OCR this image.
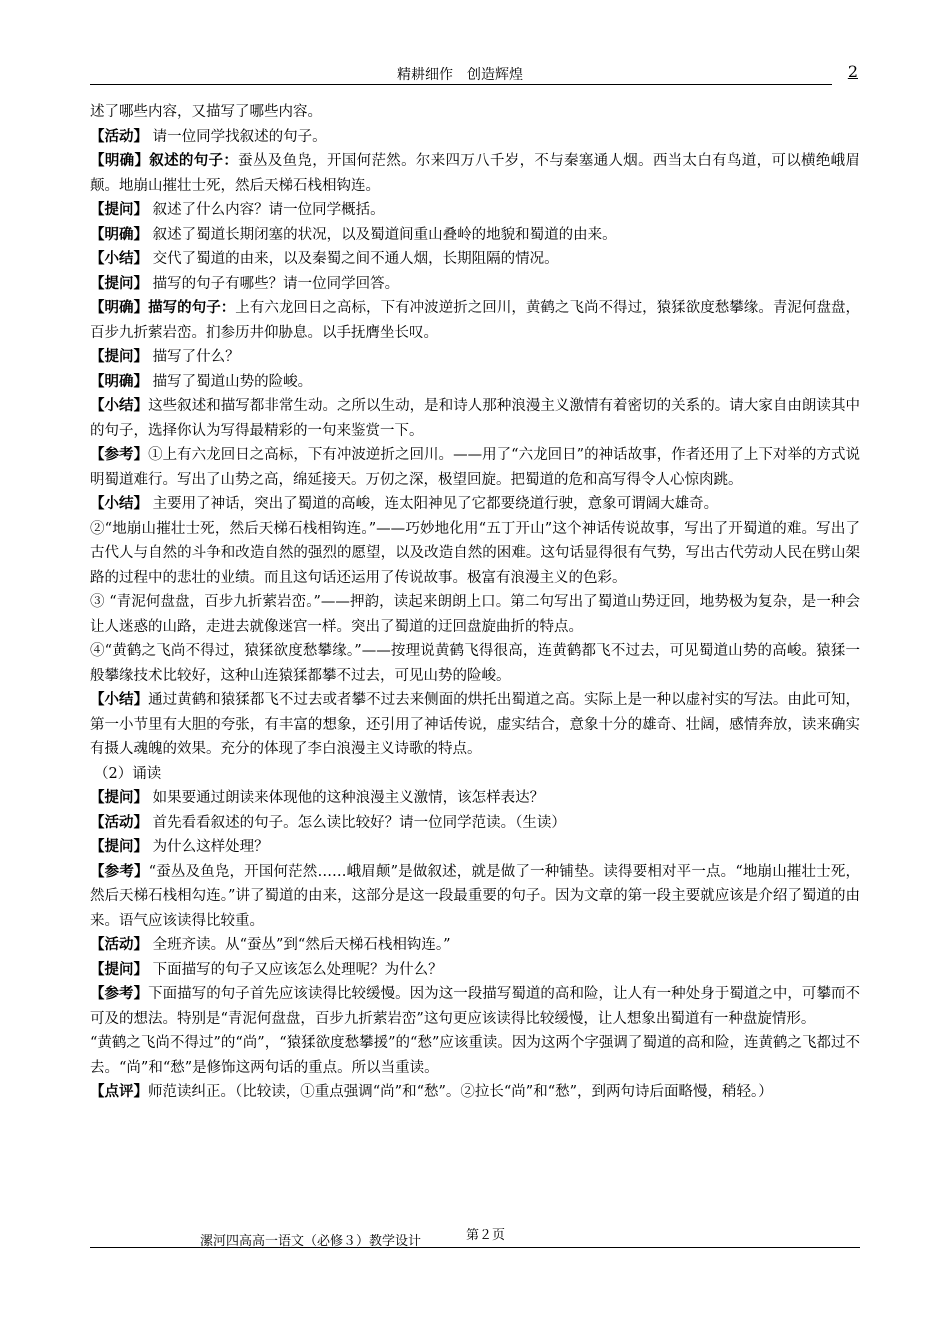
精耕细作　创造辉煌	2

述了哪些内容，又描写了哪些内容。

【活动】 请一位同学找叙述的句子。

【明确】叙述的句子：蚕丛及鱼凫，开国何茫然。尔来四万八千岁，不与秦塞通人烟。西当太白有鸟道，可以横绝峨眉颠。地崩山摧壮士死，然后天梯石栈相钩连。

【提问】 叙述了什么内容？请一位同学概括。

【明确】 叙述了蜀道长期闭塞的状况，以及蜀道间重山叠岭的地貌和蜀道的由来。

【小结】 交代了蜀道的由来，以及秦蜀之间不通人烟，长期阻隔的情况。

【提问】 描写的句子有哪些？请一位同学回答。

【明确】描写的句子：上有六龙回日之高标，下有冲波逆折之回川，黄鹤之飞尚不得过，猿猱欲度愁攀缘。青泥何盘盘，百步九折萦岩峦。扪参历井仰胁息。以手抚膺坐长叹。

【提问】 描写了什么？

【明确】 描写了蜀道山势的险峻。

【小结】这些叙述和描写都非常生动。之所以生动，是和诗人那种浪漫主义激情有着密切的关系的。请大家自由朗读其中的句子，选择你认为写得最精彩的一句来鉴赏一下。

【参考】①上有六龙回日之高标，下有冲波逆折之回川。——用了“六龙回日”的神话故事，作者还用了上下对举的方式说明蜀道难行。写出了山势之高，绵延接天。万仞之深，极望回旋。把蜀道的危和高写得令人心惊肉跳。

【小结】 主要用了神话，突出了蜀道的高峻，连太阳神见了它都要绕道行驶，意象可谓阔大雄奇。

②“地崩山摧壮士死，然后天梯石栈相钩连。”——巧妙地化用“五丁开山”这个神话传说故事，写出了开蜀道的难。写出了古代人与自然的斗争和改造自然的强烈的愿望，以及改造自然的困难。这句话显得很有气势，写出古代劳动人民在劈山架路的过程中的悲壮的业绩。而且这句话还运用了传说故事。极富有浪漫主义的色彩。

③ “青泥何盘盘，百步九折萦岩峦。”——押韵，读起来朗朗上口。第二句写出了蜀道山势迂回，地势极为复杂，是一种会让人迷惑的山路，走进去就像迷宫一样。突出了蜀道的迂回盘旋曲折的特点。

④“黄鹤之飞尚不得过，猿猱欲度愁攀缘。”——按理说黄鹤飞得很高，连黄鹤都飞不过去，可见蜀道山势的高峻。猿猱一般攀缘技术比较好，这种山连猿猱都攀不过去，可见山势的险峻。

【小结】通过黄鹤和猿猱都飞不过去或者攀不过去来侧面的烘托出蜀道之高。实际上是一种以虚衬实的写法。由此可知，第一小节里有大胆的夸张，有丰富的想象，还引用了神话传说，虚实结合，意象十分的雄奇、壮阔，感情奔放，读来确实有摄人魂魄的效果。充分的体现了李白浪漫主义诗歌的特点。

（2）诵读

【提问】 如果要通过朗读来体现他的这种浪漫主义激情，该怎样表达？

【活动】 首先看看叙述的句子。怎么读比较好？请一位同学范读。（生读）

【提问】 为什么这样处理？

【参考】“蚕丛及鱼凫，开国何茫然……峨眉颠”是做叙述，就是做了一种铺垫。读得要相对平一点。“地崩山摧壮士死，然后天梯石栈相勾连。”讲了蜀道的由来，这部分是这一段最重要的句子。因为文章的第一段主要就应该是介绍了蜀道的由来。语气应该读得比较重。

【活动】 全班齐读。从“蚕丛”到“然后天梯石栈相钩连。”

【提问】 下面描写的句子又应该怎么处理呢？为什么？

【参考】下面描写的句子首先应该读得比较缓慢。因为这一段描写蜀道的高和险，让人有一种处身于蜀道之中，可攀而不可及的想法。特别是“青泥何盘盘，百步九折萦岩峦”这句更应该读得比较缓慢，让人想象出蜀道有一种盘旋情形。

“黄鹤之飞尚不得过”的“尚”，“猿猱欲度愁攀援”的“愁”应该重读。因为这两个字强调了蜀道的高和险，连黄鹤之飞都过不去。“尚”和“愁”是修饰这两句话的重点。所以当重读。

【点评】师范读纠正。（比较读，①重点强调“尚”和“愁”。②拉长“尚”和“愁”，到两句诗后面略慢，稍轻。）

漯河四高高一语文（必修３）教学设计	第２页
